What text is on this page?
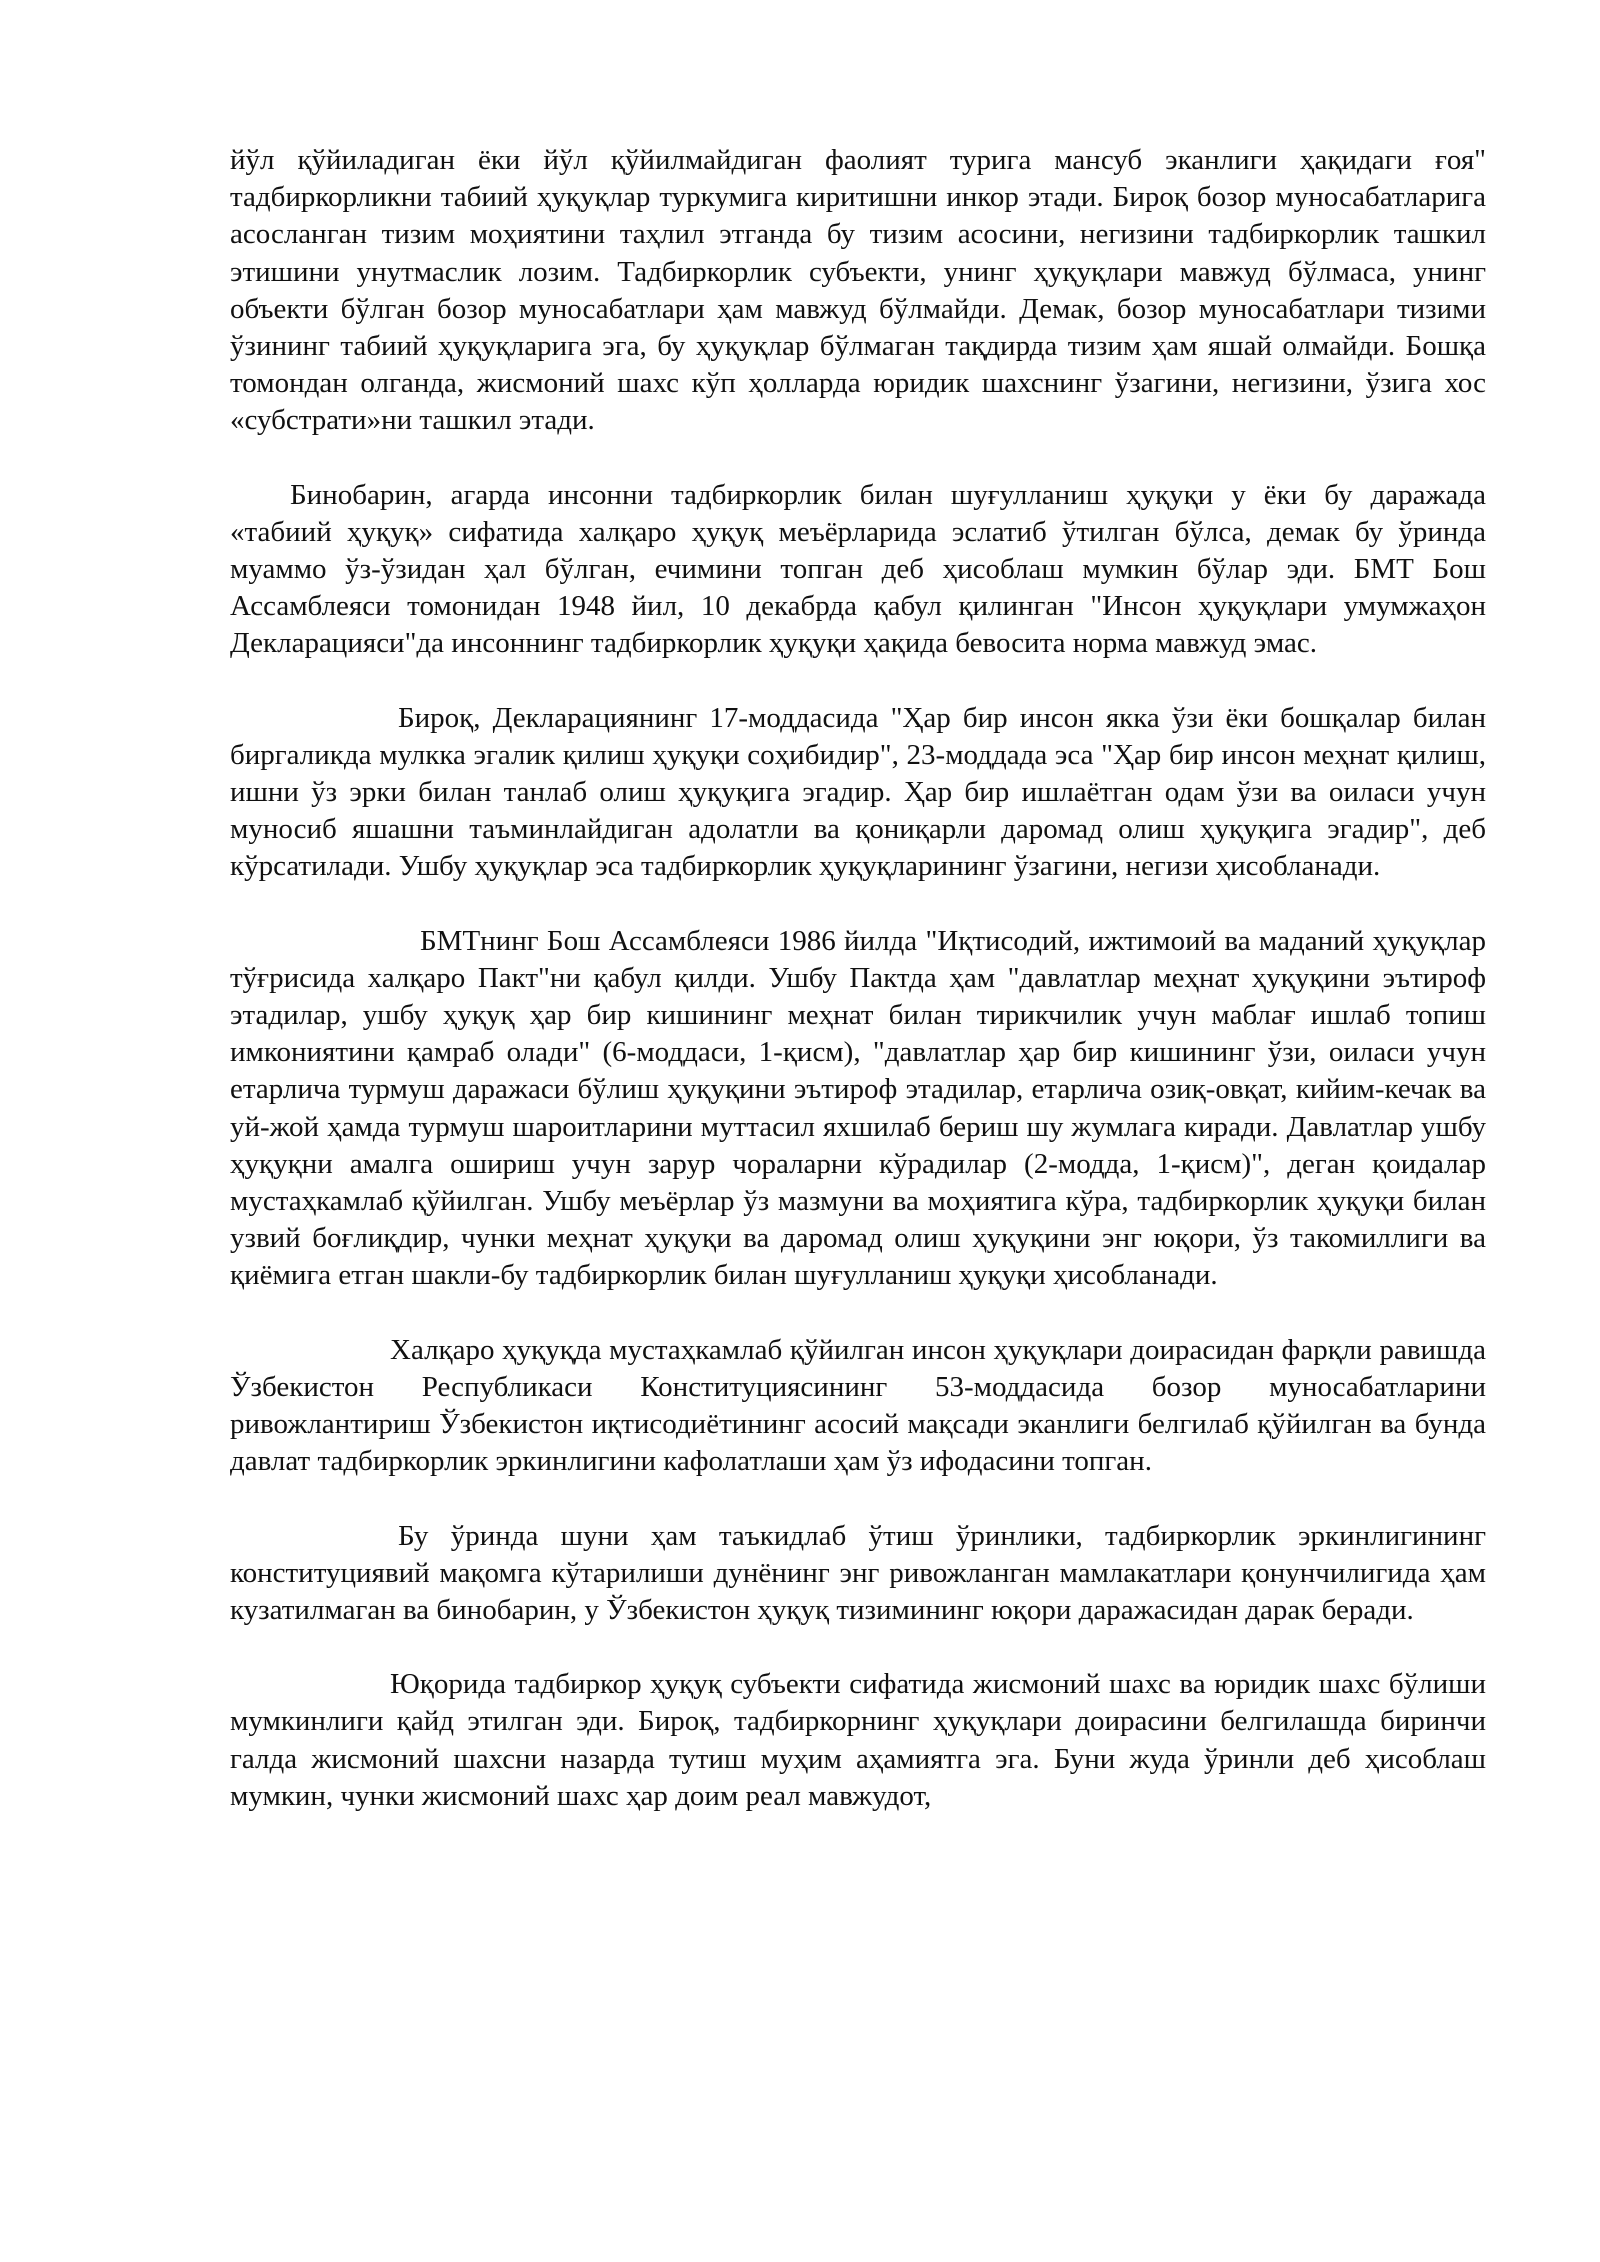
йўл қўйиладиган ёки йўл қўйилмайдиган фаолият турига мансуб эканлиги ҳақидаги ғоя" тадбиркорликни табиий ҳуқуқлар туркумига киритишни инкор этади. Бироқ бозор муносабатларига асосланган тизим моҳиятини таҳлил этганда бу тизим асосини, негизини тадбиркорлик ташкил этишини унутмаслик лозим. Тадбиркорлик субъекти, унинг ҳуқуқлари мавжуд бўлмаса, унинг объекти бўлган бозор муносабатлари ҳам мавжуд бўлмайди. Демак, бозор муносабатлари тизими ўзининг табиий ҳуқуқларига эга, бу ҳуқуқлар бўлмаган тақдирда тизим ҳам яшай олмайди. Бошқа томондан олганда, жисмоний шахс кўп ҳолларда юридик шахснинг ўзагини, негизини, ўзига хос «субстрати»ни ташкил этади.

Бинобарин, агарда инсонни тадбиркорлик билан шуғулланиш ҳуқуқи у ёки бу даражада «табиий ҳуқуқ» сифатида халқаро ҳуқуқ меъёрларида эслатиб ўтилган бўлса, демак бу ўринда муаммо ўз-ўзидан ҳал бўлган, ечимини топган деб ҳисоблаш мумкин бўлар эди. БМТ Бош Ассамблеяси томонидан 1948 йил, 10 декабрда қабул қилинган "Инсон ҳуқуқлари умумжаҳон Декларацияси"да инсоннинг тадбиркорлик ҳуқуқи ҳақида бевосита норма мавжуд эмас.

Бироқ, Декларациянинг 17-моддасида "Ҳар бир инсон якка ўзи ёки бошқалар билан биргаликда мулкка эгалик қилиш ҳуқуқи соҳибидир", 23-моддада эса "Ҳар бир инсон меҳнат қилиш, ишни ўз эрки билан танлаб олиш ҳуқуқига эгадир. Ҳар бир ишлаётган одам ўзи ва оиласи учун муносиб яшашни таъминлайдиган адолатли ва қониқарли даромад олиш ҳуқуқига эгадир", деб кўрсатилади. Ушбу ҳуқуқлар эса тадбиркорлик ҳуқуқларининг ўзагини, негизи ҳисобланади.

БМТнинг Бош Ассамблеяси 1986 йилда "Иқтисодий, ижтимоий ва маданий ҳуқуқлар тўғрисида халқаро Пакт"ни қабул қилди. Ушбу Пактда ҳам "давлатлар меҳнат ҳуқуқини эътироф этадилар, ушбу ҳуқуқ ҳар бир кишининг меҳнат билан тирикчилик учун маблағ ишлаб топиш имкониятини қамраб олади" (6-моддаси, 1-қисм), "давлатлар ҳар бир кишининг ўзи, оиласи учун етарлича турмуш даражаси бўлиш ҳуқуқини эътироф этадилар, етарлича озиқ-овқат, кийим-кечак ва уй-жой ҳамда турмуш шароитларини муттасил яхшилаб бериш шу жумлага киради. Давлатлар ушбу ҳуқуқни амалга ошириш учун зарур чораларни кўрадилар (2-модда, 1-қисм)", деган қоидалар мустаҳкамлаб қўйилган. Ушбу меъёрлар ўз мазмуни ва моҳиятига кўра, тадбиркорлик ҳуқуқи билан узвий боғлиқдир, чунки меҳнат ҳуқуқи ва даромад олиш ҳуқуқини энг юқори, ўз такомиллиги ва қиёмига етган шакли-бу тадбиркорлик билан шуғулланиш ҳуқуқи ҳисобланади.

Халқаро ҳуқуқда мустаҳкамлаб қўйилган инсон ҳуқуқлари доирасидан фарқли равишда Ўзбекистон Республикаси Конституциясининг 53-моддасида бозор муносабатларини ривожлантириш Ўзбекистон иқтисодиётининг асосий мақсади эканлиги белгилаб қўйилган ва бунда давлат тадбиркорлик эркинлигини кафолатлаши ҳам ўз ифодасини топган.

Бу ўринда шуни ҳам таъкидлаб ўтиш ўринлики, тадбиркорлик эркинлигининг конституциявий мақомга кўтарилиши дунёнинг энг ривожланган мамлакатлари қонунчилигида ҳам кузатилмаган ва бинобарин, у Ўзбекистон ҳуқуқ тизимининг юқори даражасидан дарак беради.

Юқорида тадбиркор ҳуқуқ субъекти сифатида жисмоний шахс ва юридик шахс бўлиши мумкинлиги қайд этилган эди. Бироқ, тадбиркорнинг ҳуқуқлари доирасини белгилашда биринчи галда жисмоний шахсни назарда тутиш муҳим аҳамиятга эга. Буни жуда ўринли деб ҳисоблаш мумкин, чунки жисмоний шахс ҳар доим реал мавжудот,
